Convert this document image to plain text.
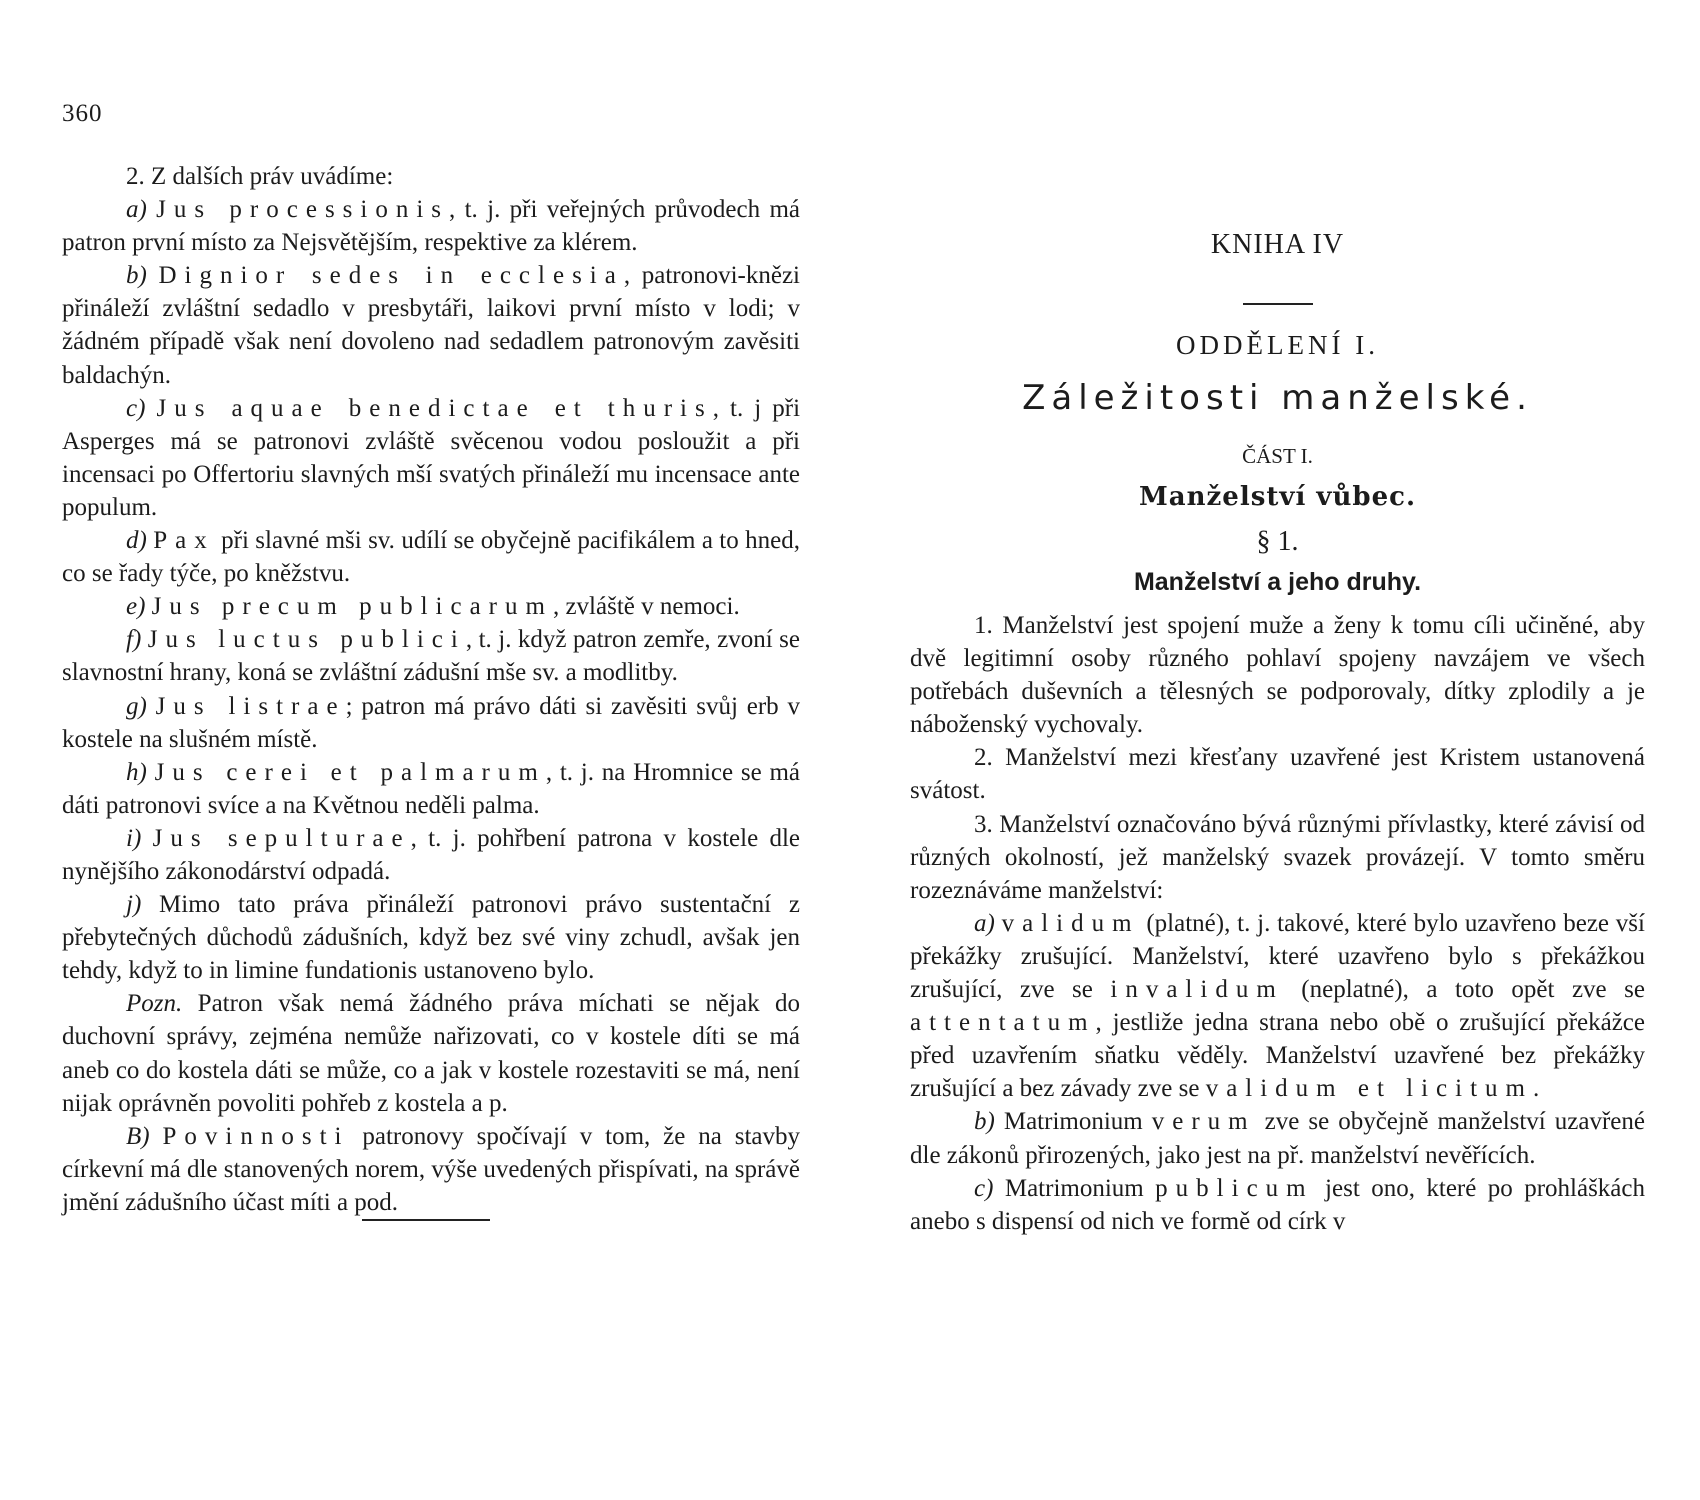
360

2. Z dalších práv uvádíme:

a) Jus processionis, t. j. při veřejných průvodech má patron první místo za Nejsvětějším, respektive za klérem.

b) Dignior sedes in ecclesia, patronovi-knězi přináleží zvláštní sedadlo v presbytáři, laikovi první místo v lodi; v žádném případě však není dovoleno nad sedadlem patronovým zavěsiti baldachýn.

c) Jus aquae benedictae et thuris, t. j při Asperges má se patronovi zvláště svěcenou vodou posloužit a při incensaci po Offertoriu slavných mší svatých přináleží mu incensace ante populum.

d) Pax při slavné mši sv. udílí se obyčejně pacifikálem a to hned, co se řady týče, po kněžstvu.

e) Jus precum publicarum, zvláště v nemoci.

f) Jus luctus publici, t. j. když patron zemře, zvoní se slavnostní hrany, koná se zvláštní zádušní mše sv. a modlitby.

g) Jus listrae; patron má právo dáti si zavěsiti svůj erb v kostele na slušném místě.

h) Jus cerei et palmarum, t. j. na Hromnice se má dáti patronovi svíce a na Květnou neděli palma.

i) Jus sepulturae, t. j. pohřbení patrona v kostele dle nynějšího zákonodárství odpadá.

j) Mimo tato práva přináleží patronovi právo sustentační z přebytečných důchodů zádušních, když bez své viny zchudl, avšak jen tehdy, když to in limine fundationis ustanoveno bylo.

Pozn. Patron však nemá žádného práva míchati se nějak do duchovní správy, zejména nemůže nařizovati, co v kostele díti se má aneb co do kostela dáti se může, co a jak v kostele rozestaviti se má, není nijak oprávněn povoliti pohřeb z kostela a p.

B) Povinnosti patronovy spočívají v tom, že na stavby církevní má dle stanovených norem, výše uvedených přispívati, na správě jmění zádušního účast míti a pod.

KNIHA IV
ODDĚLENÍ I.
Záležitosti manželské.
ČÁST I.
Manželství vůbec.
§ 1.
Manželství a jeho druhy.

1. Manželství jest spojení muže a ženy k tomu cíli učiněné, aby dvě legitimní osoby různého pohlaví spojeny navzájem ve všech potřebách duševních a tělesných se podporovaly, dítky zplodily a je náboženský vychovaly.

2. Manželství mezi křesťany uzavřené jest Kristem ustanovená svátost.

3. Manželství označováno bývá různými přívlastky, které závisí od různých okolností, jež manželský svazek provázejí. V tomto směru rozeznáváme manželství:

a) validum (platné), t. j. takové, které bylo uzavřeno beze vší překážky zrušující. Manželství, které uzavřeno bylo s překážkou zrušující, zve se invalidum (neplatné), a toto opět zve se attentatum, jestliže jedna strana nebo obě o zrušující překážce před uzavřením sňatku věděly. Manželství uzavřené bez překážky zrušující a bez závady zve se validum et licitum.

b) Matrimonium verum zve se obyčejně manželství uzavřené dle zákonů přirozených, jako jest na př. manželství nevěřících.

c) Matrimonium publicum jest ono, které po prohláškách anebo s dispensí od nich ve formě od círk v
